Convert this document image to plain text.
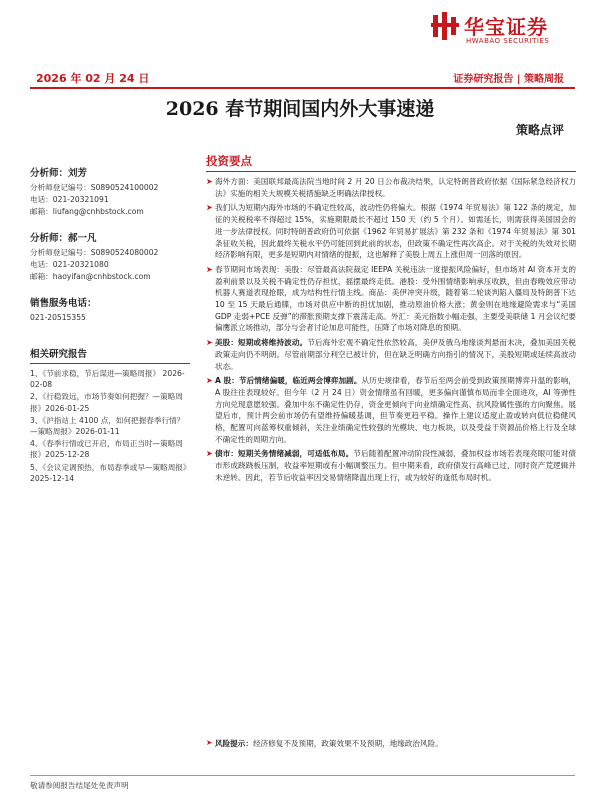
华宝证券
HWABAO SECURITIES
2026 年 02 月 24 日	证券研究报告 | 策略周报
2026 春节期间国内外大事速递
策略点评
分析师：刘芳
分析师登记编号：S0890524100002
电话：021-20321091
邮箱：liufang@cnhbstock.com
分析师：郝一凡
分析师登记编号：S0890524080002
电话：021-20321080
邮箱：haoyifan@cnhbstock.com
销售服务电话：
021-20515355
相关研究报告
1、《节前求稳，节后谋进—策略周报》 2026-02-08
2、《行稳致远，市场节奏如何把握？—策略周报》2026-01-25
3、《沪指站上 4100 点，如何把握春季行情？—策略周报》2026-01-11
4、《春季行情或已开启，布局正当时—策略周报》2025-12-28
5、《会议定调预热，布局春季或早—策略周报》2025-12-14
投资要点

➤ 海外方面：美国联邦最高法院当地时间 2 月 20 日公布裁决结果，认定特朗普政府依据《国际紧急经济权力法》实施的相关大规模关税措施缺乏明确法律授权。

➤ 我们认为短期内海外市场的不确定性较高，波动性仍将偏大。根据《1974 年贸易法》第 122 条的规定，加征的关税税率不得超过 15%，实施期限最长不超过 150 天（约 5 个月）。如需延长，则需获得美国国会的进一步法律授权。同时特朗普政府仍可依据《1962 年贸易扩展法》第 232 条和《1974 年贸易法》第 301 条征收关税，因此最终关税水平仍可能回到此前的状态，但政策不确定性再次高企。对于关税的失效对长期经济影响有限，更多是短期内对情绪的提振，这也解释了美股上周五上涨但周一回落的原因。

➤ 春节期间市场表现：美股：尽管最高法院裁定 IEEPA 关税违法一度提振风险偏好，但市场对 AI 资本开支的盈利前景以及关税不确定性仍存担忧，摇摆最终走低。港股：受外围情绪影响承压收跌，但由春晚效应带动机器人赛道表现抢眼，成为结构性行情主线。商品：美伊冲突升级，随着第二轮谈判陷入僵局及特朗普下达 10 至 15 天最后通牒，市场对供应中断的担忧加剧，推动原油价格大涨；黄金则在地缘避险需求与“美国 GDP 走弱+PCE 反弹”的滞胀预期支撑下震荡走高。外汇：美元指数小幅走强，主要受美联储 1 月会议纪要偏鹰派立场推动，部分与会者讨论加息可能性，压降了市场对降息的预期。

➤ 美股：短期或将维持波动。节后海外宏观不确定性依然较高，美伊及俄乌地缘谈判悬而未决，叠加美国关税政策走向仍不明朗。尽管前期部分利空已被计价，但在缺乏明确方向指引的情况下，美股短期或延续高波动状态。

➤ A 股：节后情绪偏暖，临近两会博弈加剧。从历史规律看，春节后至两会前受到政策预期博弈升温的影响，A 股往往表现较好。但今年（2 月 24 日）资金情绪虽有回暖，更多偏向谨慎布局而非全面进攻，AI 等弹性方向兑现意愿较强。叠加中东不确定性仍存，资金更倾向于向业绩确定性高、抗风险属性强的方向聚焦。展望后市，预计两会前市场仍有望维持偏暖基调，但节奏更趋平稳。操作上建议适度止盈或转向低位稳健风格，配置可向蓝筹权重倾斜，关注业绩确定性较强的光模块、电力板块，以及受益于资源品价格上行及全球不确定性的周期方向。

➤ 债市：短期关务情绪减弱，可适低布局。节后随着配置冲动阶段性减弱，叠加权益市场若表现亮眼可能对债市形成跷跷板压制，收益率短期或有小幅调整压力。但中期来看，政府债发行高峰已过，同时资产荒逻辑并未逆转。因此，若节后收益率因交易情绪降温出现上行，或为较好的逢低布局时机。

➤ 风险提示：经济修复不及预期，政策效果不及预期，地缘政治风险。
敬请参阅报告结尾处免责声明
